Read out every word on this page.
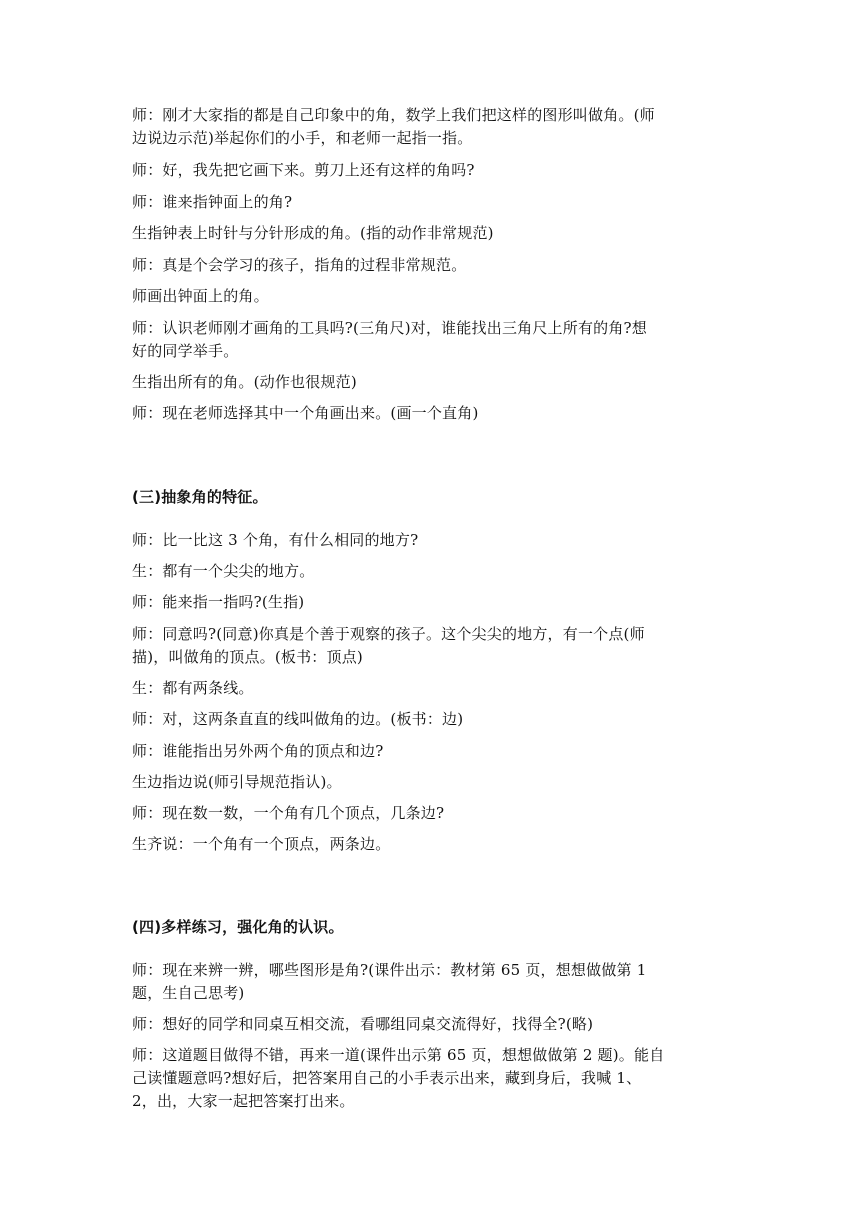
师：刚才大家指的都是自己印象中的角，数学上我们把这样的图形叫做角。(师
边说边示范)举起你们的小手，和老师一起指一指。
师：好，我先把它画下来。剪刀上还有这样的角吗?
师：谁来指钟面上的角?
生指钟表上时针与分针形成的角。(指的动作非常规范)
师：真是个会学习的孩子，指角的过程非常规范。
师画出钟面上的角。
师：认识老师刚才画角的工具吗?(三角尺)对，谁能找出三角尺上所有的角?想
好的同学举手。
生指出所有的角。(动作也很规范)
师：现在老师选择其中一个角画出来。(画一个直角)
(三)抽象角的特征。
师：比一比这 3 个角，有什么相同的地方?
生：都有一个尖尖的地方。
师：能来指一指吗?(生指)
师：同意吗?(同意)你真是个善于观察的孩子。这个尖尖的地方，有一个点(师
描)，叫做角的顶点。(板书：顶点)
生：都有两条线。
师：对，这两条直直的线叫做角的边。(板书：边)
师：谁能指出另外两个角的顶点和边?
生边指边说(师引导规范指认)。
师：现在数一数，一个角有几个顶点，几条边?
生齐说：一个角有一个顶点，两条边。
(四)多样练习，强化角的认识。
师：现在来辨一辨，哪些图形是角?(课件出示：教材第 65 页，想想做做第 1
题，生自己思考)
师：想好的同学和同桌互相交流，看哪组同桌交流得好，找得全?(略)
师：这道题目做得不错，再来一道(课件出示第 65 页，想想做做第 2 题)。能自
己读懂题意吗?想好后，把答案用自己的小手表示出来，藏到身后，我喊 1、
2，出，大家一起把答案打出来。
